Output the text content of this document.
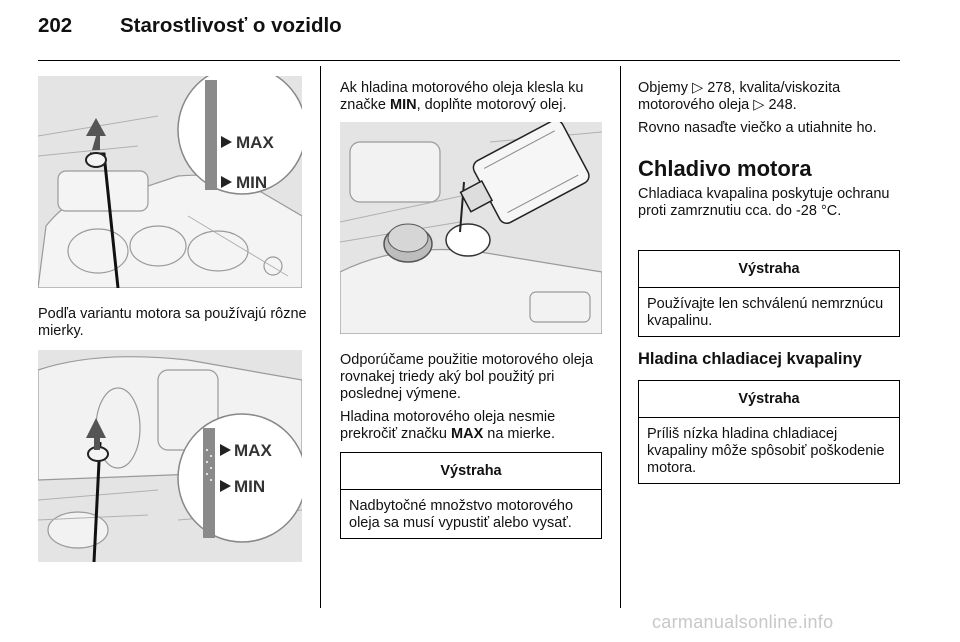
202 Starostlivosť o vozidlo
MAX
MIN
Podľa variantu motora sa používajú rôzne mierky.
MAX
MIN
Ak hladina motorového oleja klesla ku značke MIN, doplňte motorový olej.

Odporúčame použitie motorového oleja rovnakej triedy aký bol použitý pri poslednej výmene.

Hladina motorového oleja nesmie prekročiť značku MAX na mierke.

Výstraha
Nadbytočné množstvo motorového oleja sa musí vypustiť alebo vysať.

Objemy ▷ 278, kvalita/viskozita motorového oleja ▷ 248.

Rovno nasaďte viečko a utiahnite ho.

Chladivo motora
Chladiaca kvapalina poskytuje ochranu proti zamrznutiu cca. do -28 °C.
Výstraha
Používajte len schválenú nemrznúcu kvapalinu.
Hladina chladiacej kvapaliny
Výstraha
Príliš nízka hladina chladiacej kvapaliny môže spôsobiť poškodenie motora.
carmanualsonline.info
